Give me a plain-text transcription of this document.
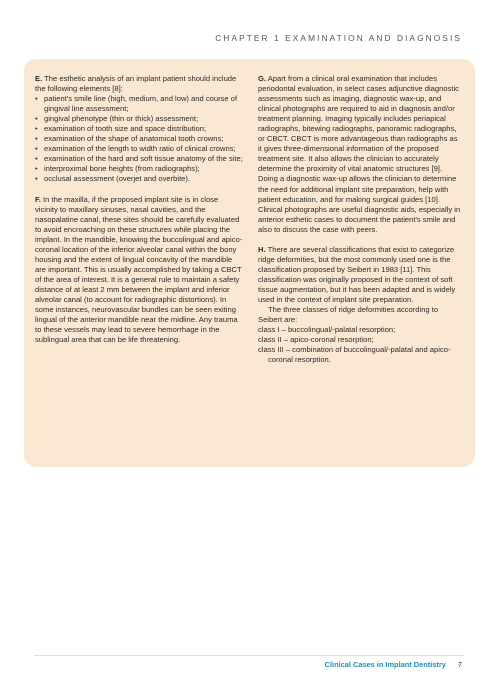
CHAPTER 1 EXAMINATION AND DIAGNOSIS

E. The esthetic analysis of an implant patient should include the following elements [8]:

• patient's smile line (high, medium, and low) and course of gingival line assessment;
• gingival phenotype (thin or thick) assessment;
• examination of tooth size and space distribution;
• examination of the shape of anatomical tooth crowns;
• examination of the length to width ratio of clinical crowns;
• examination of the hard and soft tissue anatomy of the site;
• interproximal bone heights (from radiographs);
• occlusal assessment (overjet and overbite).

F. In the maxilla, if the proposed implant site is in close vicinity to maxillary sinuses, nasal cavities, and the nasopalatine canal, these sites should be carefully evaluated to avoid encroaching on these structures while placing the implant. In the mandible, knowing the buccolingual and apico-coronal location of the inferior alveolar canal within the bony housing and the extent of lingual concavity of the mandible are important. This is usually accomplished by taking a CBCT of the area of interest. It is a general rule to maintain a safety distance of at least 2 mm between the implant and inferior alveolar canal (to account for radiographic distortions). In some instances, neurovascular bundles can be seen exiting lingual of the anterior mandible near the midline. Any trauma to these vessels may lead to severe hemorrhage in the sublingual area that can be life threatening.

G. Apart from a clinical oral examination that includes periodontal evaluation, in select cases adjunctive diagnostic assessments such as imaging, diagnostic wax-up, and clinical photographs are required to aid in diagnosis and/or treatment planning. Imaging typically includes periapical radiographs, bitewing radiographs, panoramic radiographs, or CBCT. CBCT is more advantageous than radiographs as it gives three-dimensional information of the proposed treatment site. It also allows the clinician to accurately determine the proximity of vital anatomic structures [9]. Doing a diagnostic wax-up allows the clinician to determine the need for additional implant site preparation, help with patient education, and for making surgical guides [10]. Clinical photographs are useful diagnostic aids, especially in anterior esthetic cases to document the patient's smile and also to discuss the case with peers.

H. There are several classifications that exist to categorize ridge deformities, but the most commonly used one is the classification proposed by Seibert in 1983 [11]. This classification was originally proposed in the context of soft tissue augmentation, but it has been adapted and is widely used in the context of implant site preparation.

The three classes of ridge deformities according to Seibert are:

class I – buccolingual/-palatal resorption;
class II – apico-coronal resorption;
class III – combination of buccolingual/-palatal and apico-coronal resorption.
Clinical Cases in Implant Dentistry 7
